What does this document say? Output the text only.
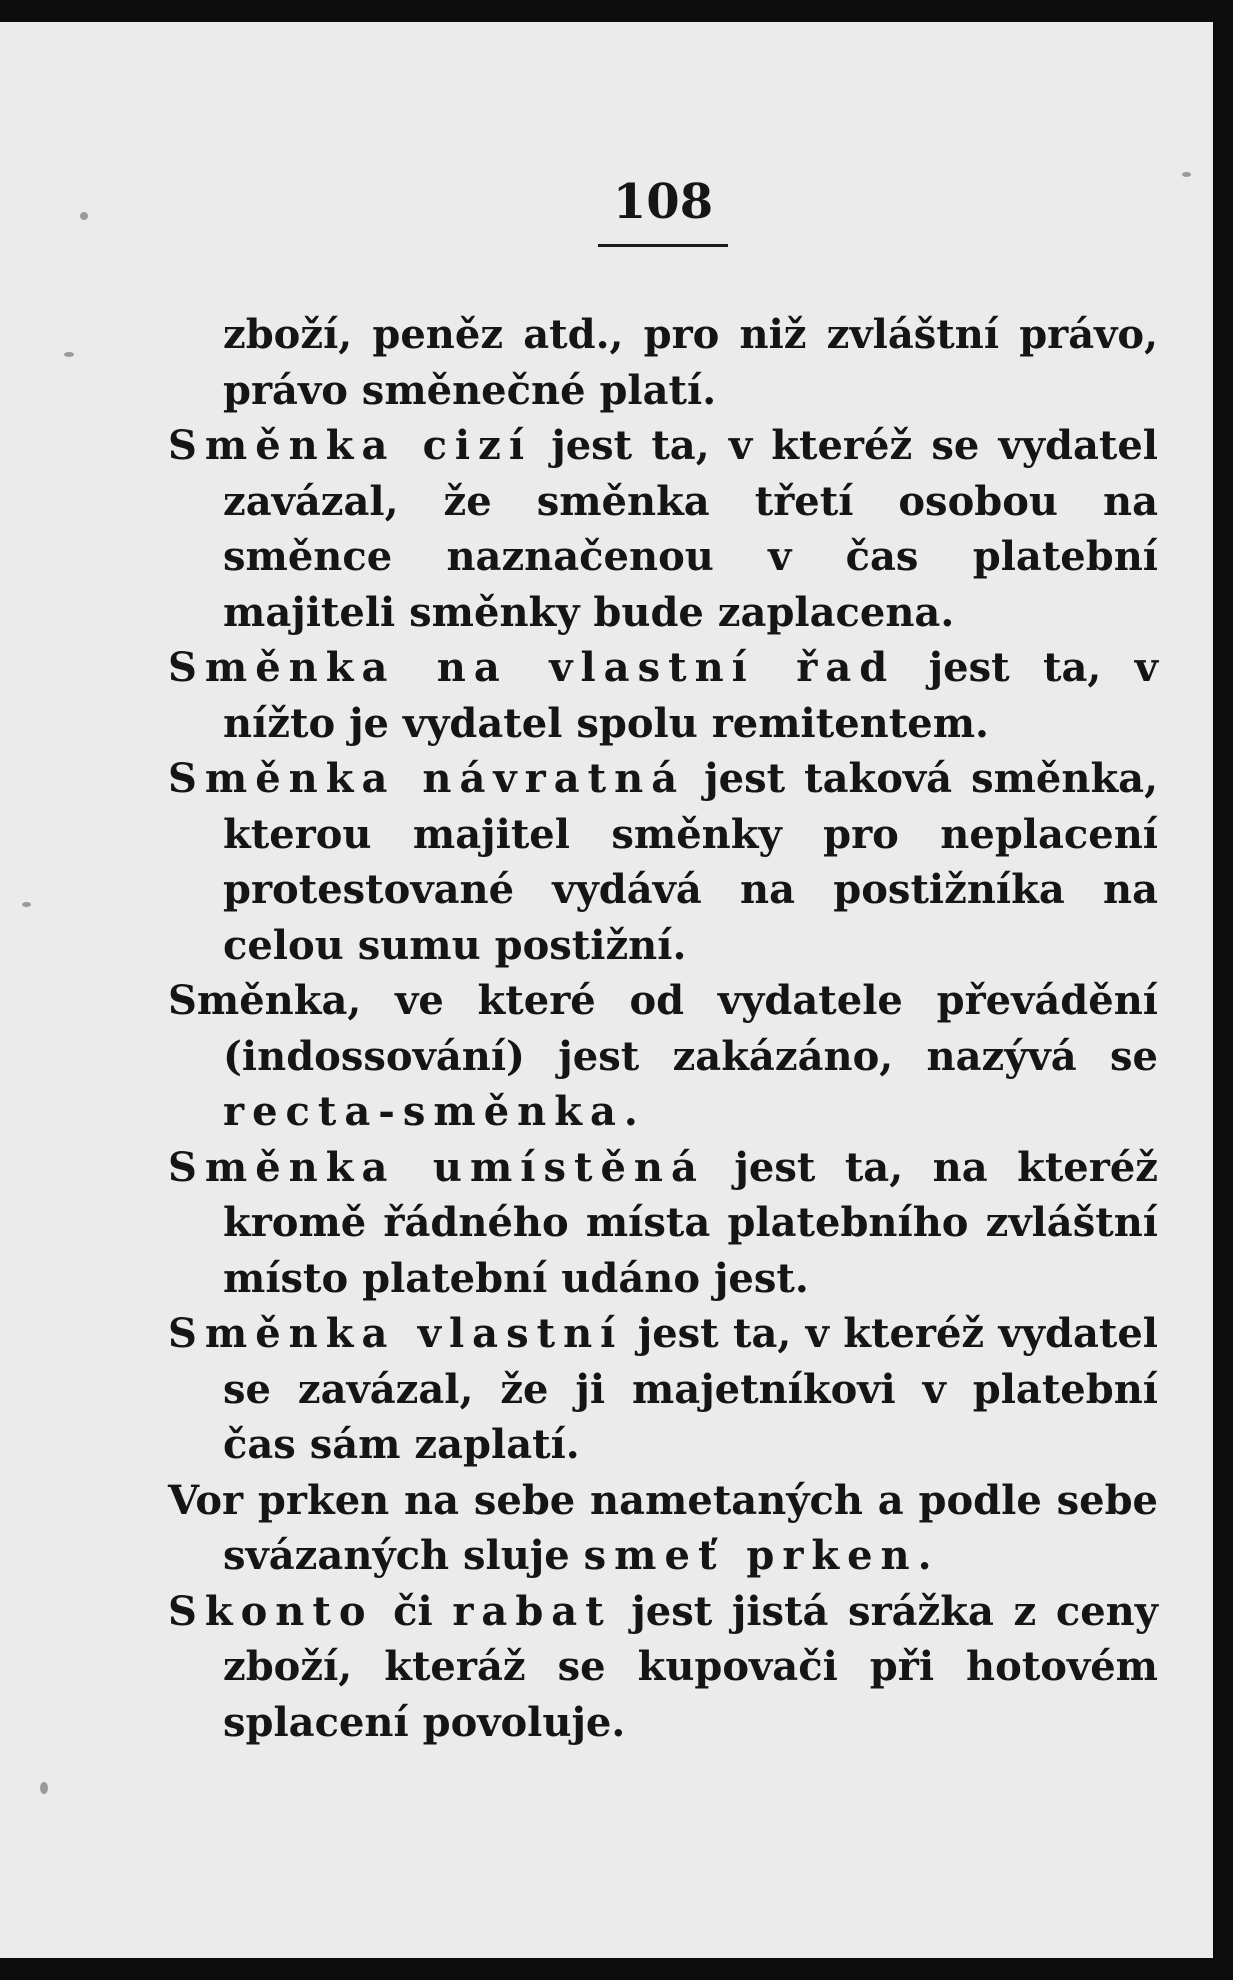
108

zboží, peněz atd., pro niž zvláštní právo, právo směnečné platí.

Směnka cizí jest ta, v kteréž se vydatel zavázal, že směnka třetí osobou na směnce naznačenou v čas platební majiteli směnky bude zaplacena.

Směnka na vlastní řad jest ta, v nížto je vydatel spolu remitentem.

Směnka návratná jest taková směnka, kterou majitel směnky pro neplacení protestované vydává na postižníka na celou sumu postižní.

Směnka, ve které od vydatele převádění (indossování) jest zakázáno, nazývá se recta-směnka.

Směnka umístěná jest ta, na kteréž kromě řádného místa platebního zvláštní místo platební udáno jest.

Směnka vlastní jest ta, v kteréž vydatel se zavázal, že ji majetníkovi v platební čas sám zaplatí.

Vor prken na sebe nametaných a podle sebe svázaných sluje smeť prken.

Skonto či rabat jest jistá srážka z ceny zboží, kteráž se kupovači při hotovém splacení povoluje.
